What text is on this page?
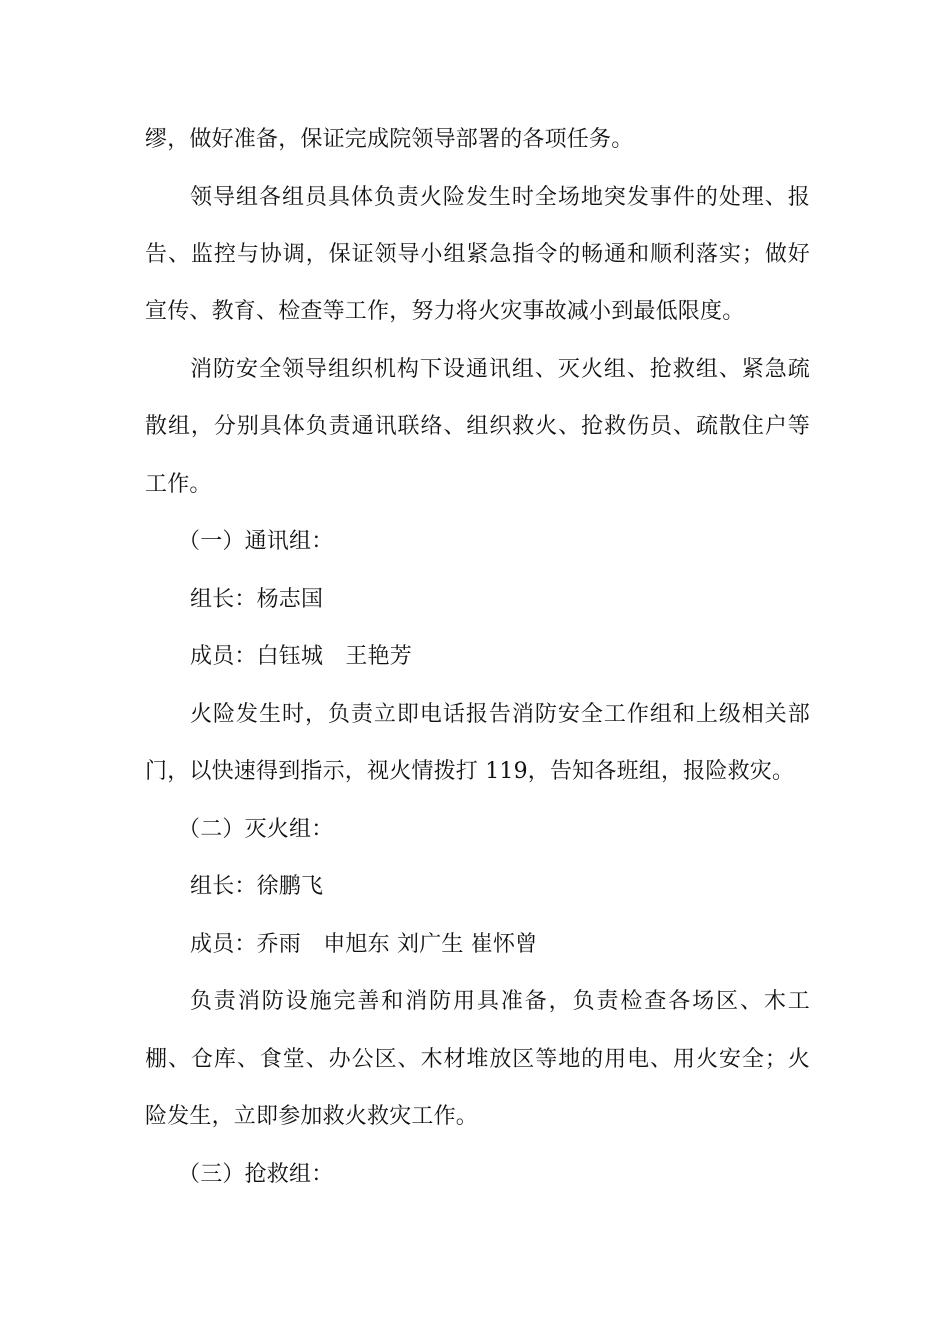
缪，做好准备，保证完成院领导部署的各项任务。
领导组各组员具体负责火险发生时全场地突发事件的处理、报
告、监控与协调，保证领导小组紧急指令的畅通和顺利落实；做好
宣传、教育、检查等工作，努力将火灾事故减小到最低限度。
消防安全领导组织机构下设通讯组、灭火组、抢救组、紧急疏
散组，分别具体负责通讯联络、组织救火、抢救伤员、疏散住户等
工作。
（一）通讯组：
组长：杨志国
成员：白钰城　王艳芳
火险发生时，负责立即电话报告消防安全工作组和上级相关部
门，以快速得到指示，视火情拨打 119，告知各班组，报险救灾。
（二）灭火组：
组长：徐鹏飞
成员：乔雨　申旭东 刘广生 崔怀曾
负责消防设施完善和消防用具准备，负责检查各场区、木工
棚、仓库、食堂、办公区、木材堆放区等地的用电、用火安全；火
险发生，立即参加救火救灾工作。
（三）抢救组：
